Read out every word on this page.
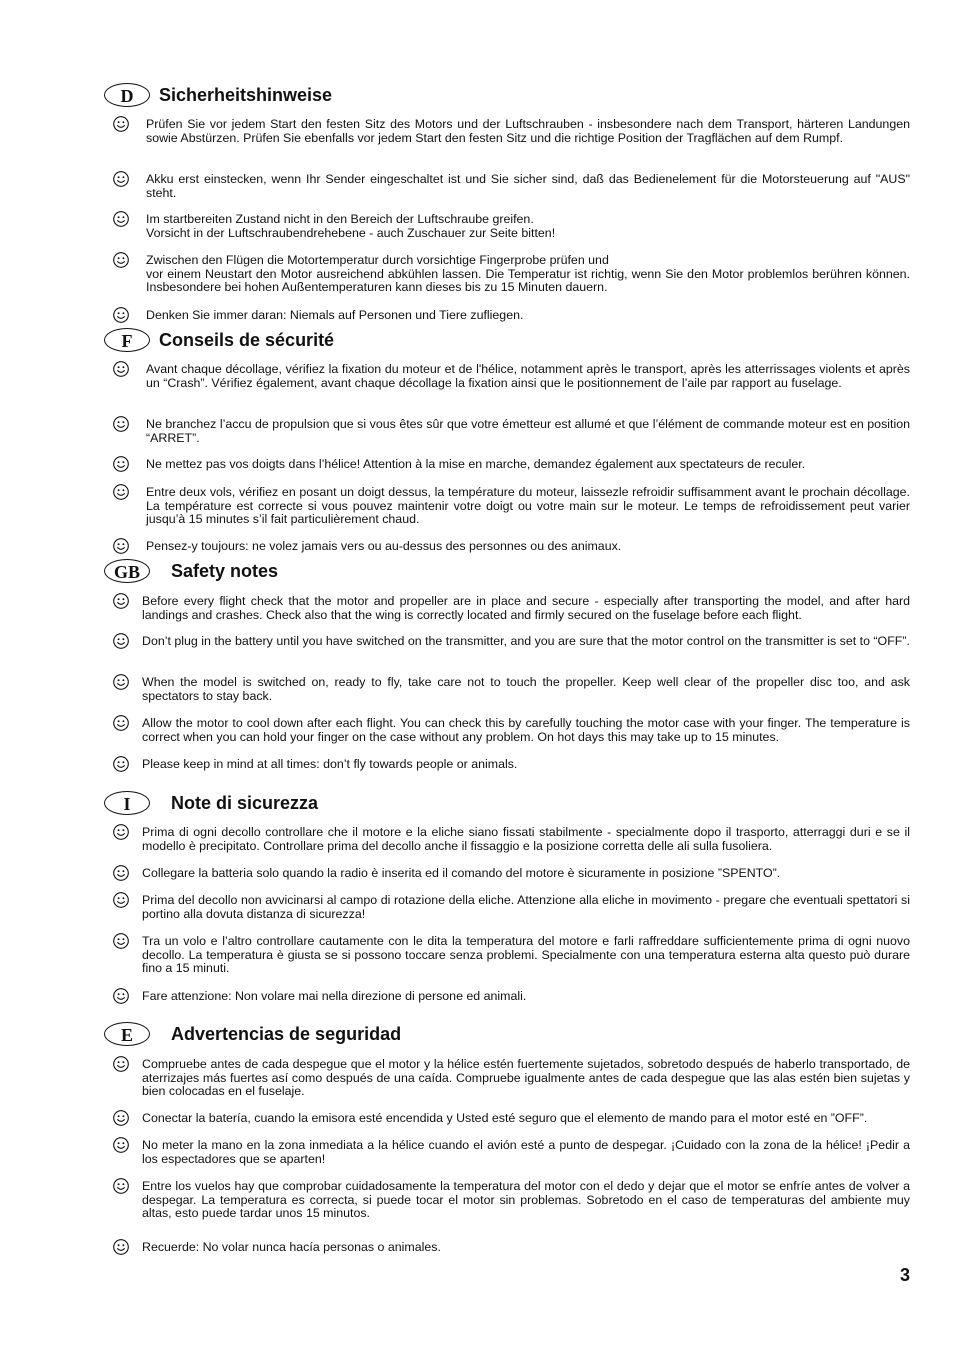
D	Sicherheitshinweise
Prüfen Sie vor jedem Start den festen Sitz des Motors und der Luftschrauben - insbesondere nach dem Transport, härteren Landungen sowie Abstürzen. Prüfen Sie ebenfalls vor jedem Start den festen Sitz und die richtige Position der Tragflächen auf dem Rumpf.
Akku erst einstecken, wenn Ihr Sender eingeschaltet ist und Sie sicher sind, daß das Bedienelement für die Motorsteuerung auf "AUS" steht.
Im startbereiten Zustand nicht in den Bereich der Luftschraube greifen.
Vorsicht in der Luftschraubendrehebene - auch Zuschauer zur Seite bitten!
Zwischen den Flügen die Motortemperatur durch vorsichtige Fingerprobe prüfen und
vor einem Neustart den Motor ausreichend abkühlen lassen. Die Temperatur ist richtig, wenn Sie den Motor problemlos berühren können. Insbesondere bei hohen Außentemperaturen kann dieses bis zu 15 Minuten dauern.
Denken Sie immer daran: Niemals auf Personen und Tiere zufliegen.
F	Conseils de sécurité
Avant chaque décollage, vérifiez la fixation du moteur et de l'hélice, notamment après le transport, après les atterrissages violents et après un “Crash”. Vérifiez également, avant chaque décollage la fixation ainsi que le positionnement de l’aile par rapport au fuselage.
Ne branchez l’accu de propulsion que si vous êtes sûr que votre émetteur est allumé et que l’élément de commande moteur est en position “ARRET”.
Ne mettez pas vos doigts dans l’hélice! Attention à la mise en marche, demandez également aux spectateurs de reculer.
Entre deux vols, vérifiez en posant un doigt dessus, la température du moteur, laissezle refroidir suffisamment avant le prochain décollage. La température est correcte si vous pouvez maintenir votre doigt ou votre main sur le moteur. Le temps de refroidissement peut varier jusqu’à 15 minutes s’il fait particulièrement chaud.
Pensez-y toujours: ne volez jamais vers ou au-dessus des personnes ou des animaux.
GB	Safety notes
Before every flight check that the motor and propeller are in place and secure - especially after transporting the model, and after hard landings and crashes. Check also that the wing is correctly located and firmly secured on the fuselage before each flight.
Don’t plug in the battery until you have switched on the transmitter, and you are sure that the motor control on the transmitter is set to “OFF”.
When the model is switched on, ready to fly, take care not to touch the propeller. Keep well clear of the propeller disc too, and ask spectators to stay back.
Allow the motor to cool down after each flight. You can check this by carefully touching the motor case with your finger. The temperature is correct when you can hold your finger on the case without any problem. On hot days this may take up to 15 minutes.
Please keep in mind at all times: don’t fly towards people or animals.
I	Note di sicurezza
Prima di ogni decollo controllare che il motore e la eliche siano fissati stabilmente - specialmente dopo il trasporto, atterraggi duri e se il modello è precipitato. Controllare prima del decollo anche il fissaggio e la posizione corretta delle ali sulla fusoliera.
Collegare la batteria solo quando la radio è inserita ed il comando del motore è sicuramente in posizione ”SPENTO”.
Prima del decollo non avvicinarsi al campo di rotazione della eliche. Attenzione alla eliche in movimento - pregare che eventuali spettatori si portino alla dovuta distanza di sicurezza!
Tra un volo e l’altro controllare cautamente con le dita la temperatura del motore e farli raffreddare sufficientemente prima di ogni nuovo decollo. La temperatura è giusta se si possono toccare senza problemi. Specialmente con una temperatura esterna alta questo può durare fino a 15 minuti.
Fare attenzione: Non volare mai nella direzione di persone ed animali.
E	Advertencias de seguridad
Compruebe antes de cada despegue que el motor y la hélice estén fuertemente sujetados, sobretodo después de haberlo transportado, de aterrizajes más fuertes así como después de una caída. Compruebe igualmente antes de cada despegue que las alas estén bien sujetas y bien colocadas en el fuselaje.
Conectar la batería, cuando la emisora esté encendida y Usted esté seguro que el elemento de mando para el motor esté en ”OFF”.
No meter la mano en la zona inmediata a la hélice cuando el avión esté a punto de despegar. ¡Cuidado con la zona de la hélice! ¡Pedir a los espectadores que se aparten!
Entre los vuelos hay que comprobar cuidadosamente la temperatura del motor con el dedo y dejar que el motor se enfríe antes de volver a despegar. La temperatura es correcta, si puede tocar el motor sin problemas. Sobretodo en el caso de temperaturas del ambiente muy altas, esto puede tardar unos 15 minutos.
Recuerde: No volar nunca hacía personas o animales.
3
